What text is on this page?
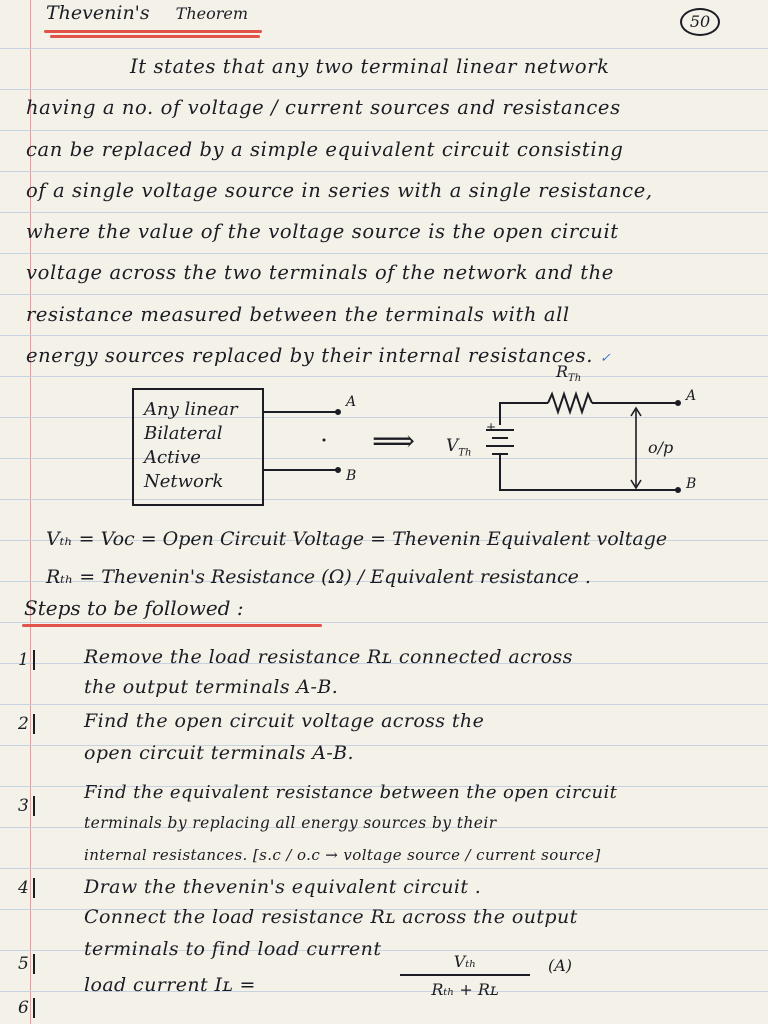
Thevenin's Theorem	50
It states that any two terminal linear network
having a no. of voltage / current sources and resistances
can be replaced by a simple equivalent circuit consisting
of a single voltage source in series with a single resistance,
where the value of the voltage source is the open circuit
voltage across the two terminals of the network and the
resistance measured between the terminals with all
energy sources replaced by their internal resistances. ✓
Any linear
Bilateral
Active
Network
A
B
⟹ $V_{Th}$
+
$R_{Th}$
A
B
o/p
Vₜₕ = Voc = Open Circuit Voltage = Thevenin Equivalent voltage
Rₜₕ = Thevenin's Resistance (Ω) / Equivalent resistance .
Steps to be followed :
1	Remove the load resistance Rʟ connected across
the output terminals A-B.
2	Find the open circuit voltage across the
open circuit terminals A-B.
3
Find the equivalent resistance between the open circuit
terminals by replacing all energy sources by their
internal resistances. [s.c / o.c → voltage source / current source]
4	Draw the thevenin's equivalent circuit .
5
Connect the load resistance Rʟ across the output
terminals to find load current
6
load current Iʟ =
Vₜₕ
Rₜₕ + Rʟ
(A)
